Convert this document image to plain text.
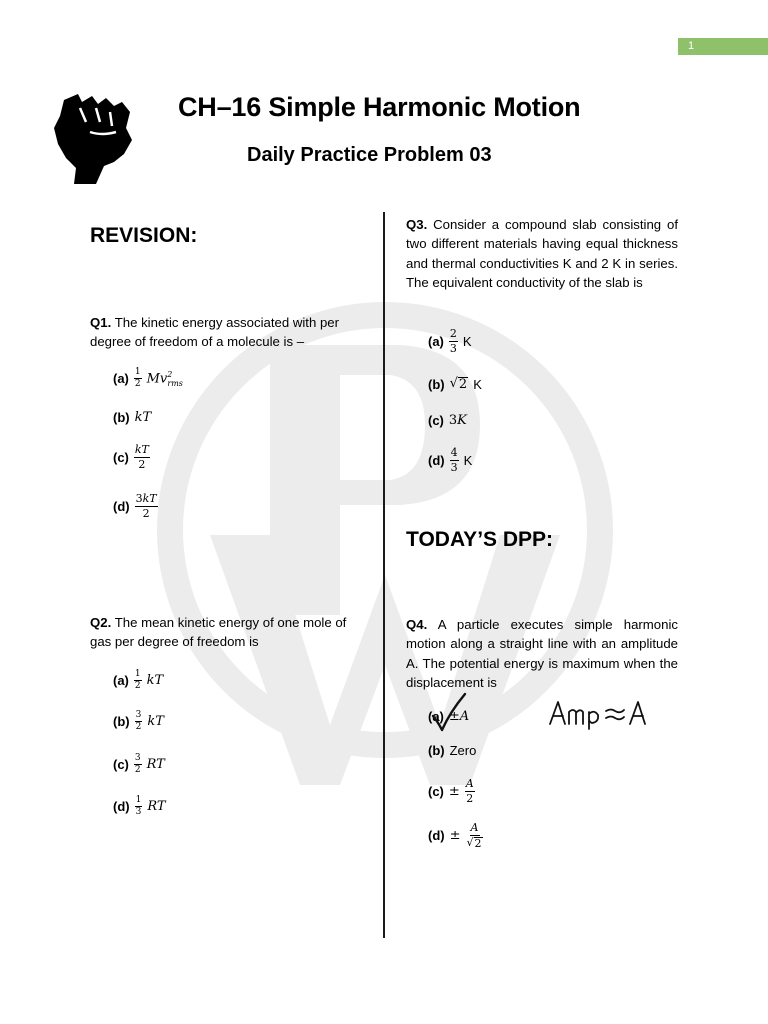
1
CH–16 Simple Harmonic Motion
Daily Practice Problem 03
REVISION:
Q1. The kinetic energy associated with per degree of freedom of a molecule is –
$(a) \frac{1}{2} Mv^2_{rms}$
(b) kT
$(c) \frac{kT}{2}$
$(d) \frac{3kT}{2}$
Q2. The mean kinetic energy of one mole of gas per degree of freedom is
$(a) \frac{1}{2}$ kT
$(b) \frac{3}{2}$ kT
$(c) \frac{3}{2}$ RT
$(d) \frac{1}{3}$ RT
Q3. Consider a compound slab consisting of two different materials having equal thickness and thermal conductivities K and 2 K in series. The equivalent conductivity of the slab is
$(a) \frac{2}{3}$ K
(b) √ 2 K
(c) 3K
$(d) \frac{4}{3}$ K
TODAY’S DPP:
Q4. A particle executes simple harmonic motion along a straight line with an amplitude A. The potential energy is maximum when the displacement is
(a) ±A
(b) Zero
$(c) \pm \frac{A}{2}$
$(d) \pm \frac{A}{√ 2}$
